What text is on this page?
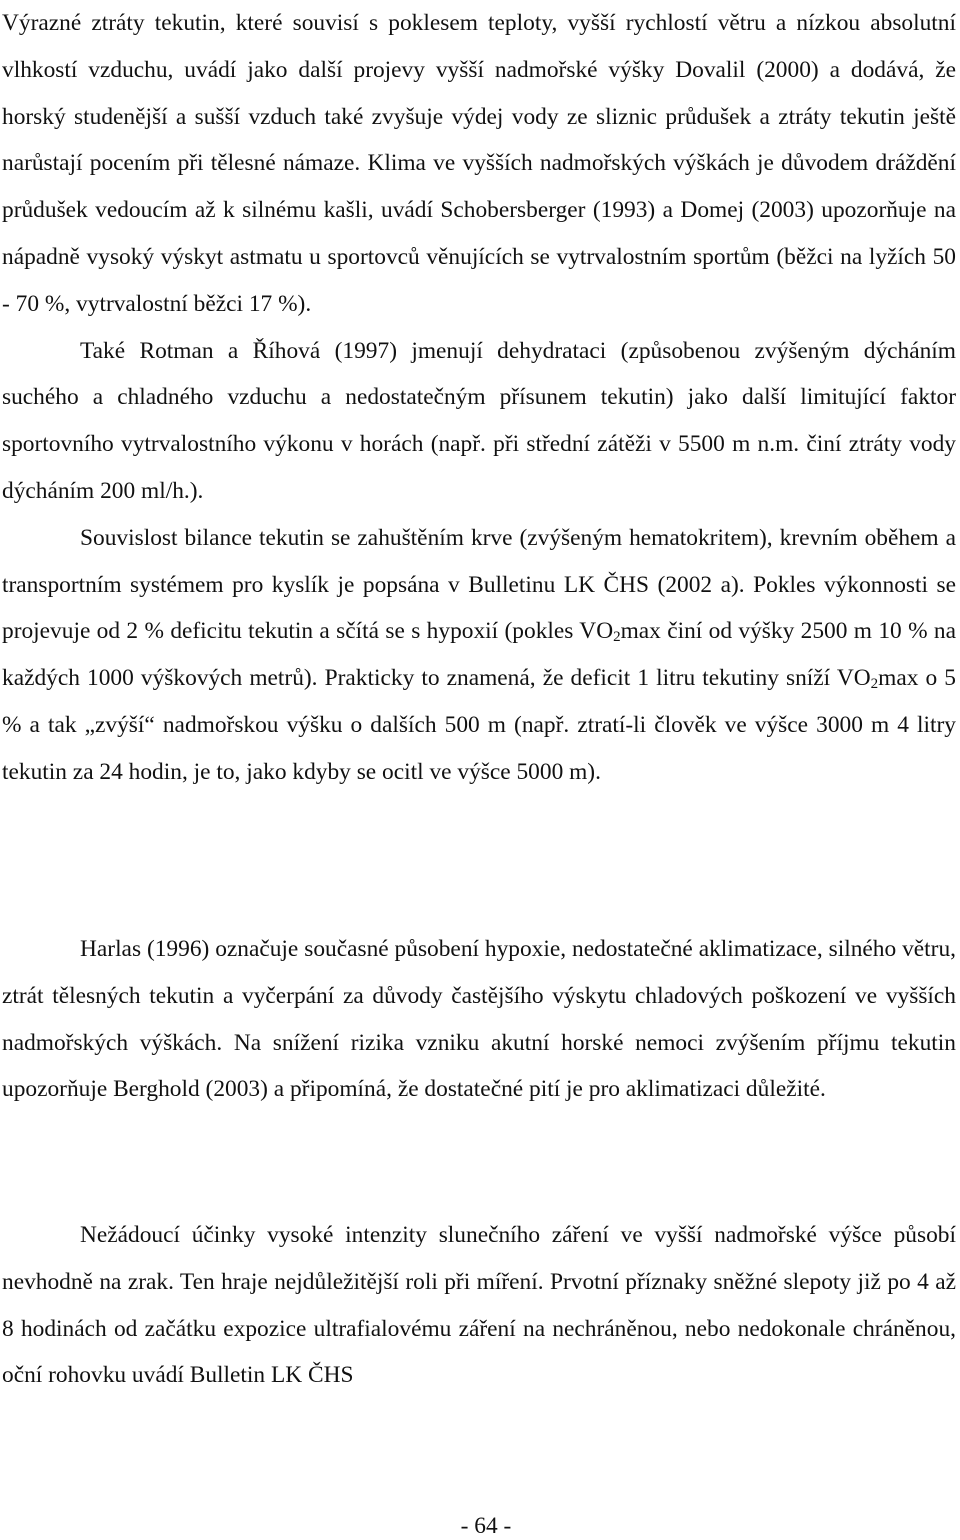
Výrazné ztráty tekutin, které souvisí s poklesem teploty, vyšší rychlostí větru a nízkou absolutní vlhkostí vzduchu, uvádí jako další projevy vyšší nadmořské výšky Dovalil (2000) a dodává, že horský studenější a sušší vzduch také zvyšuje výdej vody ze sliznic průdušek a ztráty tekutin ještě narůstají pocením při tělesné námaze. Klima ve vyšších nadmořských výškách je důvodem dráždění průdušek vedoucím až k silnému kašli, uvádí Schobersberger (1993) a Domej (2003) upozorňuje na nápadně vysoký výskyt astmatu u sportovců věnujících se vytrvalostním sportům (běžci na lyžích 50 - 70 %, vytrvalostní běžci 17 %).
Také Rotman a Říhová (1997) jmenují dehydrataci (způsobenou zvýšeným dýcháním suchého a chladného vzduchu a nedostatečným přísunem tekutin) jako další limitující faktor sportovního vytrvalostního výkonu v horách (např. při střední zátěži v 5500 m n.m. činí ztráty vody dýcháním 200 ml/h.).
Souvislost bilance tekutin se zahuštěním krve (zvýšeným hematokritem), krevním oběhem a transportním systémem pro kyslík je popsána v Bulletinu LK ČHS (2002 a). Pokles výkonnosti se projevuje od 2 % deficitu tekutin a sčítá se s hypoxií (pokles $VO_2\max$ činí od výšky 2500 m 10 % na každých 1000 výškových metrů). Prakticky to znamená, že deficit 1 litru tekutiny sníží $VO_2\max$ o 5 % a tak „zvýší“ nadmořskou výšku o dalších 500 m (např. ztratí-li člověk ve výšce 3000 m 4 litry tekutin za 24 hodin, je to, jako kdyby se ocitl ve výšce 5000 m).

Harlas (1996) označuje současné působení hypoxie, nedostatečné aklimatizace, silného větru, ztrát tělesných tekutin a vyčerpání za důvody častějšího výskytu chladových poškození ve vyšších nadmořských výškách. Na snížení rizika vzniku akutní horské nemoci zvýšením příjmu tekutin upozorňuje Berghold (2003) a připomíná, že dostatečné pití je pro aklimatizaci důležité.

Nežádoucí účinky vysoké intenzity slunečního záření ve vyšší nadmořské výšce působí nevhodně na zrak. Ten hraje nejdůležitější roli při míření. Prvotní příznaky sněžné slepoty již po 4 až 8 hodinách od začátku expozice ultrafialovému záření na nechráněnou, nebo nedokonale chráněnou, oční rohovku uvádí Bulletin LK ČHS

- 64 -
